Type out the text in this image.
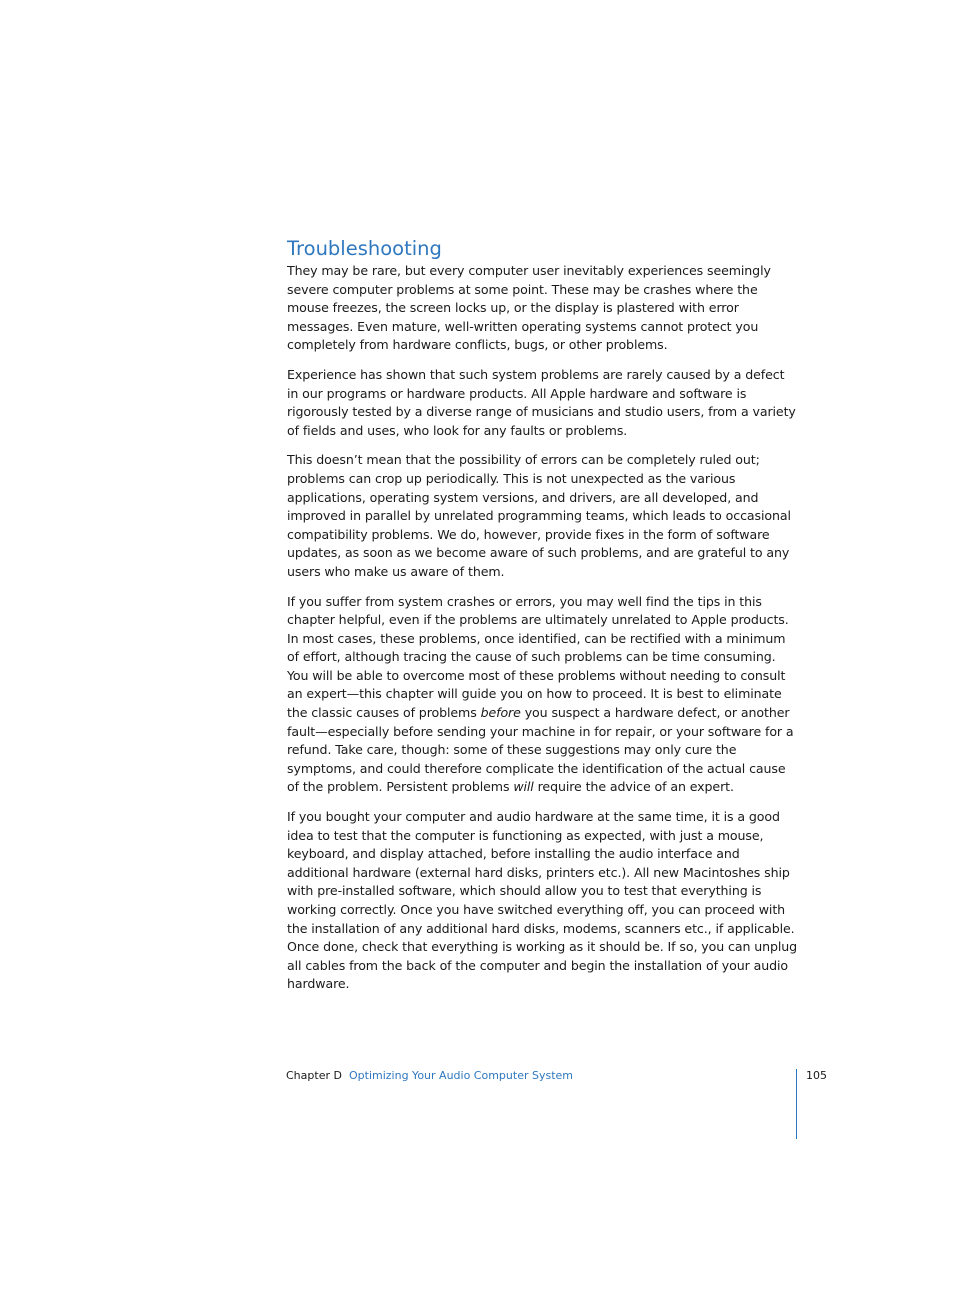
Troubleshooting

They may be rare, but every computer user inevitably experiences seemingly severe computer problems at some point. These may be crashes where the mouse freezes, the screen locks up, or the display is plastered with error messages. Even mature, well-written operating systems cannot protect you completely from hardware conflicts, bugs, or other problems.

Experience has shown that such system problems are rarely caused by a defect in our programs or hardware products. All Apple hardware and software is rigorously tested by a diverse range of musicians and studio users, from a variety of fields and uses, who look for any faults or problems.

This doesn’t mean that the possibility of errors can be completely ruled out; problems can crop up periodically. This is not unexpected as the various applications, operating system versions, and drivers, are all developed, and improved in parallel by unrelated programming teams, which leads to occasional compatibility problems. We do, however, provide fixes in the form of software updates, as soon as we become aware of such problems, and are grateful to any users who make us aware of them.

If you suffer from system crashes or errors, you may well find the tips in this chapter helpful, even if the problems are ultimately unrelated to Apple products. In most cases, these problems, once identified, can be rectified with a minimum of effort, although tracing the cause of such problems can be time consuming. You will be able to overcome most of these problems without needing to consult an expert—this chapter will guide you on how to proceed. It is best to eliminate the classic causes of problems before you suspect a hardware defect, or another fault—especially before sending your machine in for repair, or your software for a refund. Take care, though: some of these suggestions may only cure the symptoms, and could therefore complicate the identification of the actual cause of the problem. Persistent problems will require the advice of an expert.

If you bought your computer and audio hardware at the same time, it is a good idea to test that the computer is functioning as expected, with just a mouse, keyboard, and display attached, before installing the audio interface and additional hardware (external hard disks, printers etc.). All new Macintoshes ship with pre-installed software, which should allow you to test that everything is working correctly. Once you have switched everything off, you can proceed with the installation of any additional hard disks, modems, scanners etc., if applicable. Once done, check that everything is working as it should be. If so, you can unplug all cables from the back of the computer and begin the installation of your audio hardware.

Chapter D Optimizing Your Audio Computer System	105
